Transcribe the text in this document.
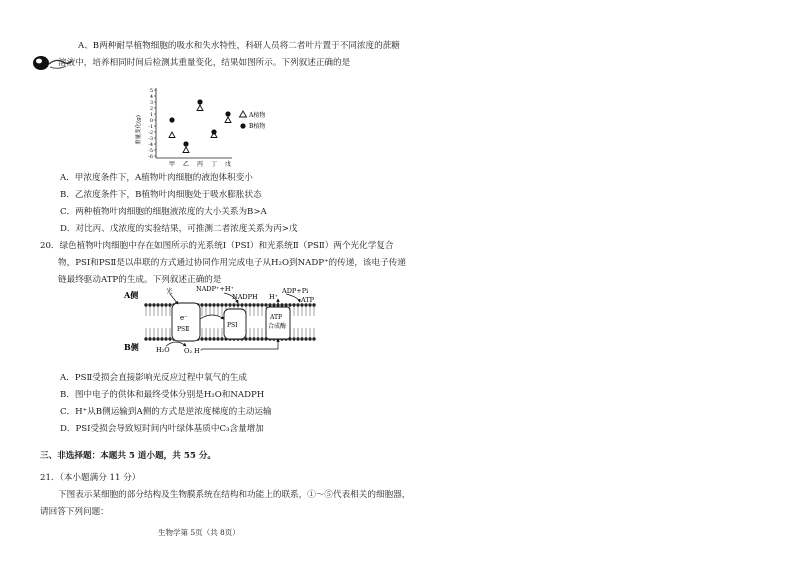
A、B两种耐旱植物细胞的吸水和失水特性，科研人员将二者叶片置于不同浓度的蔗糖
溶液中，培养相同时间后检测其重量变化，结果如图所示。下列叙述正确的是
重量变化(g)
5
4
3
2
1
0
-1
-2
-3
-4
-5
-6
甲 乙 丙 丁 戊
A植物
B植物
A．甲浓度条件下，A植物叶肉细胞的液泡体积变小
B．乙浓度条件下，B植物叶肉细胞处于吸水膨胀状态
C．两种植物叶肉细胞的细胞液浓度的大小关系为B>A
D．对比丙、戊浓度的实验结果，可推测二者浓度关系为丙>戊
20．绿色植物叶肉细胞中存在如图所示的光系统Ⅰ（PSⅠ）和光系统Ⅱ（PSⅡ）两个光化学复合
物，PSⅠ和PSⅡ是以串联的方式通过协同作用完成电子从H₂O到NADP⁺的传递，该电子传递
链最终驱动ATP的生成。下列叙述正确的是
A侧
B侧
e⁻
PSⅡ
PSⅠ
ATP
合成酶
光	NADP⁺+H⁺
NADPH H⁺
ADP+Pi
ATP
H₂O O₂ H⁺
A．PSⅡ受损会直接影响光反应过程中氧气的生成
B．图中电子的供体和最终受体分别是H₂O和NADPH
C．H⁺从B侧运输到A侧的方式是逆浓度梯度的主动运输
D．PSⅠ受损会导致短时间内叶绿体基质中C₃含量增加
三、非选择题：本题共 5 道小题，共 55 分。
21．（本小题满分 11 分）
下图表示某细胞的部分结构及生物膜系统在结构和功能上的联系，①～⑤代表相关的细胞器，
请回答下列问题：
生物学第 5页（共 8页）
